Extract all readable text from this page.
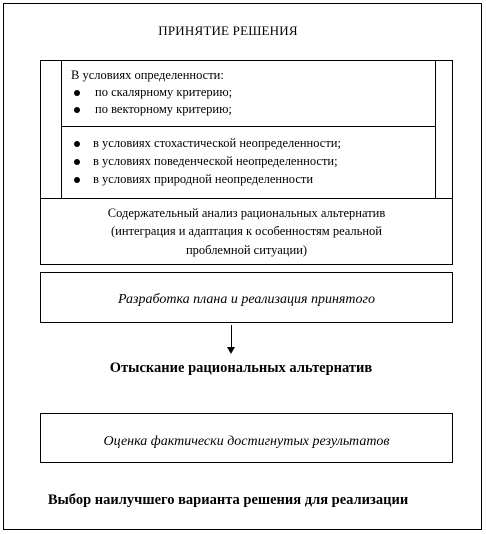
ПРИНЯТИЕ РЕШЕНИЯ
В условиях определенности:
по скалярному критерию;
по векторному критерию;
в условиях стохастической неопределенности;
в условиях поведенческой неопределенности;
в условиях природной неопределенности
Содержательный анализ рациональных альтернатив
(интеграция и адаптация к особенностям реальной
проблемной ситуации)
Разработка плана и реализация принятого
Отыскание рациональных альтернатив
Оценка фактически достигнутых результатов
Выбор наилучшего варианта решения для реализации
